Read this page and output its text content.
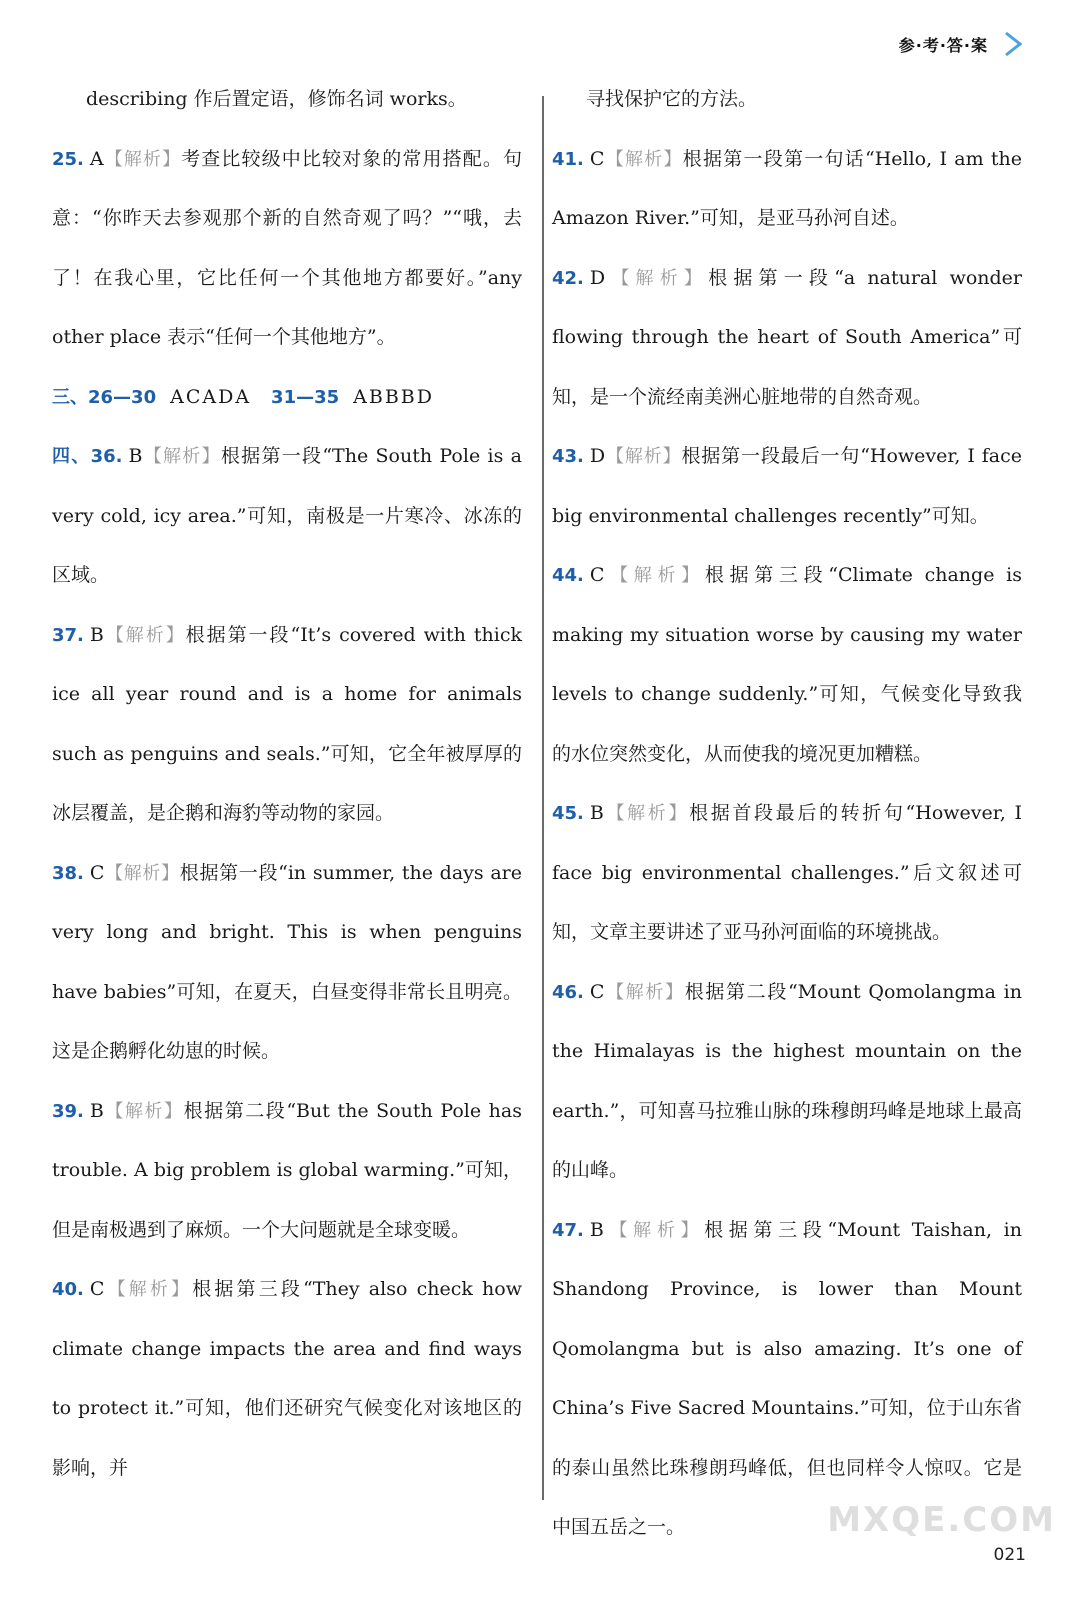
参·考·答·案
describing 作后置定语，修饰名词 works。
25. A【解析】考查比较级中比较对象的常用搭配。句意：“你昨天去参观那个新的自然奇观了吗？”“哦，去了！在我心里，它比任何一个其他地方都要好。”any other place 表示“任何一个其他地方”。
三、26—30 ACADA 31—35 ABBBD
四、36. B【解析】根据第一段“The South Pole is a very cold, icy area.”可知，南极是一片寒冷、冰冻的区域。
37. B【解析】根据第一段“It’s covered with thick ice all year round and is a home for animals such as penguins and seals.”可知，它全年被厚厚的冰层覆盖，是企鹅和海豹等动物的家园。
38. C【解析】根据第一段“in summer, the days are very long and bright. This is when penguins have babies”可知，在夏天，白昼变得非常长且明亮。这是企鹅孵化幼崽的时候。
39. B【解析】根据第二段“But the South Pole has trouble. A big problem is global warming.”可知，但是南极遇到了麻烦。一个大问题就是全球变暖。
40. C【解析】根据第三段“They also check how climate change impacts the area and find ways to protect it.”可知，他们还研究气候变化对该地区的影响，并
寻找保护它的方法。
41. C【解析】根据第一段第一句话“Hello, I am the Amazon River.”可知，是亚马孙河自述。
42. D【解析】根据第一段“a natural wonder flowing through the heart of South America”可知，是一个流经南美洲心脏地带的自然奇观。
43. D【解析】根据第一段最后一句“However, I face big environmental challenges recently”可知。
44. C【解析】根据第三段“Climate change is making my situation worse by causing my water levels to change suddenly.”可知，气候变化导致我的水位突然变化，从而使我的境况更加糟糕。
45. B【解析】根据首段最后的转折句“However, I face big environmental challenges.”后文叙述可知，文章主要讲述了亚马孙河面临的环境挑战。
46. C【解析】根据第二段“Mount Qomolangma in the Himalayas is the highest mountain on the earth.”，可知喜马拉雅山脉的珠穆朗玛峰是地球上最高的山峰。
47. B【解析】根据第三段“Mount Taishan, in Shandong Province, is lower than Mount Qomolangma but is also amazing. It’s one of China’s Five Sacred Mountains.”可知，位于山东省的泰山虽然比珠穆朗玛峰低，但也同样令人惊叹。它是中国五岳之一。	MXQE.COM
021
